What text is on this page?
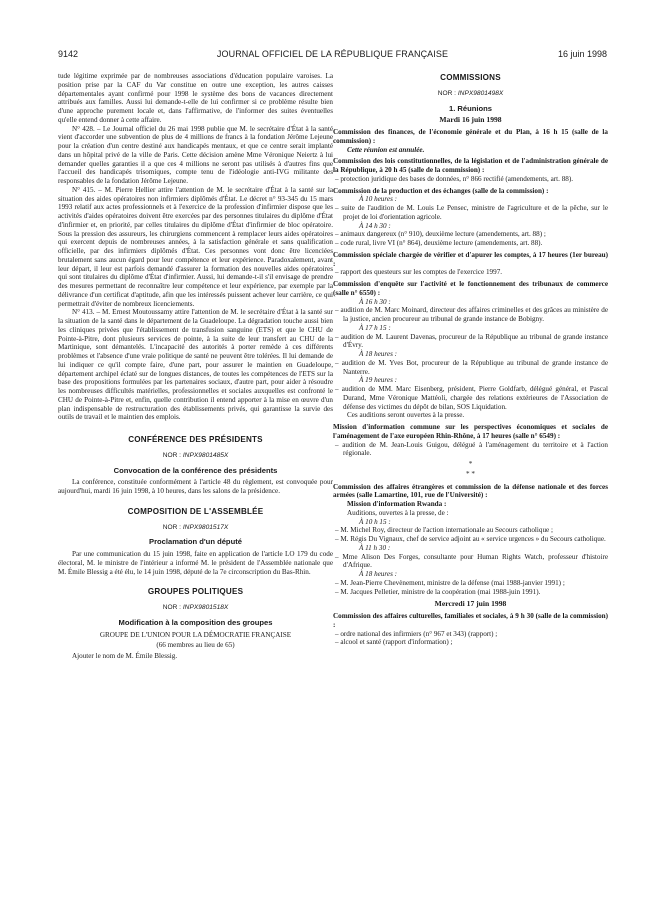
9142	JOURNAL OFFICIEL DE LA RÉPUBLIQUE FRANÇAISE	16 juin 1998

tude légitime exprimée par de nombreuses associations d'éducation populaire varoises. La position prise par la CAF du Var constitue en outre une exception, les autres caisses départementales ayant confirmé pour 1998 le système des bons de vacances directement attribués aux familles. Aussi lui demande-t-elle de lui confirmer si ce problème résulte bien d'une approche purement locale et, dans l'affirmative, de l'informer des suites éventuelles qu'elle entend donner à cette affaire.

N° 428. – Le Journal officiel du 26 mai 1998 publie que M. le secrétaire d'État à la santé vient d'accorder une subvention de plus de 4 millions de francs à la fondation Jérôme Lejeune pour la création d'un centre destiné aux handicapés mentaux, et que ce centre serait implanté dans un hôpital privé de la ville de Paris. Cette décision amène Mme Véronique Neiertz à lui demander quelles garanties il a que ces 4 millions ne seront pas utilisés à d'autres fins que l'accueil des handicapés trisomiques, compte tenu de l'idéologie anti-IVG militante des responsables de la fondation Jérôme Lejeune.

N° 415. – M. Pierre Hellier attire l'attention de M. le secrétaire d'État à la santé sur la situation des aides opératoires non infirmiers diplômés d'État. Le décret n° 93-345 du 15 mars 1993 relatif aux actes professionnels et à l'exercice de la profession d'infirmier dispose que les activités d'aides opératoires doivent être exercées par des personnes titulaires du diplôme d'État d'infirmier et, en priorité, par celles titulaires du diplôme d'État d'infirmier de bloc opératoire. Sous la pression des assureurs, les chirurgiens commencent à remplacer leurs aides opératoires qui exercent depuis de nombreuses années, à la satisfaction générale et sans qualification officielle, par des infirmiers diplômés d'État. Ces personnes vont donc être licenciées brutalement sans aucun égard pour leur compétence et leur expérience. Paradoxalement, avant leur départ, il leur est parfois demandé d'assurer la formation des nouvelles aides opératoires qui sont titulaires du diplôme d'État d'infirmier. Aussi, lui demande-t-il s'il envisage de prendre des mesures permettant de reconnaître leur compétence et leur expérience, par exemple par la délivrance d'un certificat d'aptitude, afin que les intéressés puissent achever leur carrière, ce qui permettrait d'éviter de nombreux licenciements.

N° 413. – M. Ernest Moutoussamy attire l'attention de M. le secrétaire d'État à la santé sur la situation de la santé dans le département de la Guadeloupe. La dégradation touche aussi bien les cliniques privées que l'établissement de transfusion sanguine (ETS) et que le CHU de Pointe-à-Pitre, dont plusieurs services de pointe, à la suite de leur transfert au CHU de la Martinique, sont démantelés. L'incapacité des autorités à porter remède à ces différents problèmes et l'absence d'une vraie politique de santé ne peuvent être tolérées. Il lui demande de lui indiquer ce qu'il compte faire, d'une part, pour assurer le maintien en Guadeloupe, département archipel éclaté sur de longues distances, de toutes les compétences de l'ETS sur la base des propositions formulées par les partenaires sociaux, d'autre part, pour aider à résoudre les nombreuses difficultés matérielles, professionnelles et sociales auxquelles est confronté le CHU de Pointe-à-Pitre et, enfin, quelle contribution il entend apporter à la mise en œuvre d'un plan indispensable de restructuration des établissements privés, qui garantisse la survie des outils de travail et le maintien des emplois.

CONFÉRENCE DES PRÉSIDENTS
NOR : INPX9801485X
Convocation de la conférence des présidents

La conférence, constituée conformément à l'article 48 du règlement, est convoquée pour aujourd'hui, mardi 16 juin 1998, à 10 heures, dans les salons de la présidence.

COMPOSITION DE L'ASSEMBLÉE
NOR : INPX9801517X
Proclamation d'un député

Par une communication du 15 juin 1998, faite en application de l'article LO 179 du code électoral, M. le ministre de l'intérieur a informé M. le président de l'Assemblée nationale que M. Émile Blessig a été élu, le 14 juin 1998, député de la 7e circonscription du Bas-Rhin.

GROUPES POLITIQUES
NOR : INPX9801518X
Modification à la composition des groupes
GROUPE DE L'UNION POUR LA DÉMOCRATIE FRANÇAISE
(66 membres au lieu de 65)

Ajouter le nom de M. Émile Blessig.

COMMISSIONS
NOR : INPX9801498X
1. Réunions
Mardi 16 juin 1998
Commission des finances, de l'économie générale et du Plan, à 16 h 15 (salle de la commission) :
Cette réunion est annulée.
Commission des lois constitutionnelles, de la législation et de l'administration générale de la République, à 20 h 45 (salle de la commission) :
– protection juridique des bases de données, n° 866 rectifié (amendements, art. 88).
Commission de la production et des échanges (salle de la commission) :
À 10 heures :
– suite de l'audition de M. Louis Le Pensec, ministre de l'agriculture et de la pêche, sur le projet de loi d'orientation agricole.
À 14 h 30 :
– animaux dangereux (n° 910), deuxième lecture (amendements, art. 88) ;
– code rural, livre VI (n° 864), deuxième lecture (amendements, art. 88).
Commission spéciale chargée de vérifier et d'apurer les comptes, à 17 heures (1er bureau) :
– rapport des questeurs sur les comptes de l'exercice 1997.
Commission d'enquête sur l'activité et le fonctionnement des tribunaux de commerce (salle n° 6550) :
À 16 h 30 :
– audition de M. Marc Moinard, directeur des affaires criminelles et des grâces au ministère de la justice, ancien procureur au tribunal de grande instance de Bobigny.
À 17 h 15 :
– audition de M. Laurent Davenas, procureur de la République au tribunal de grande instance d'Évry.
À 18 heures :
– audition de M. Yves Bot, procureur de la République au tribunal de grande instance de Nanterre.
À 19 heures :
– audition de MM. Marc Eisenberg, président, Pierre Goldfarb, délégué général, et Pascal Durand, Mme Véronique Mattéoli, chargée des relations extérieures de l'Association de défense des victimes du dépôt de bilan, SOS Liquidation.
Ces auditions seront ouvertes à la presse.
Mission d'information commune sur les perspectives économiques et sociales de l'aménagement de l'axe européen Rhin-Rhône, à 17 heures (salle n° 6549) :
– audition de M. Jean-Louis Guigou, délégué à l'aménagement du territoire et à l'action régionale.
*
* *
Commission des affaires étrangères et commission de la défense nationale et des forces armées (salle Lamartine, 101, rue de l'Université) :
Mission d'information Rwanda :
Auditions, ouvertes à la presse, de :
À 10 h 15 :
– M. Michel Roy, directeur de l'action internationale au Secours catholique ;
– M. Régis Du Vignaux, chef de service adjoint au « service urgences » du Secours catholique.
À 11 h 30 :
– Mme Alison Des Forges, consultante pour Human Rights Watch, professeur d'histoire d'Afrique.
À 18 heures :
– M. Jean-Pierre Chevènement, ministre de la défense (mai 1988-janvier 1991) ;
– M. Jacques Pelletier, ministre de la coopération (mai 1988-juin 1991).
Mercredi 17 juin 1998
Commission des affaires culturelles, familiales et sociales, à 9 h 30 (salle de la commission) :
– ordre national des infirmiers (n° 967 et 343) (rapport) ;
– alcool et santé (rapport d'information) ;
